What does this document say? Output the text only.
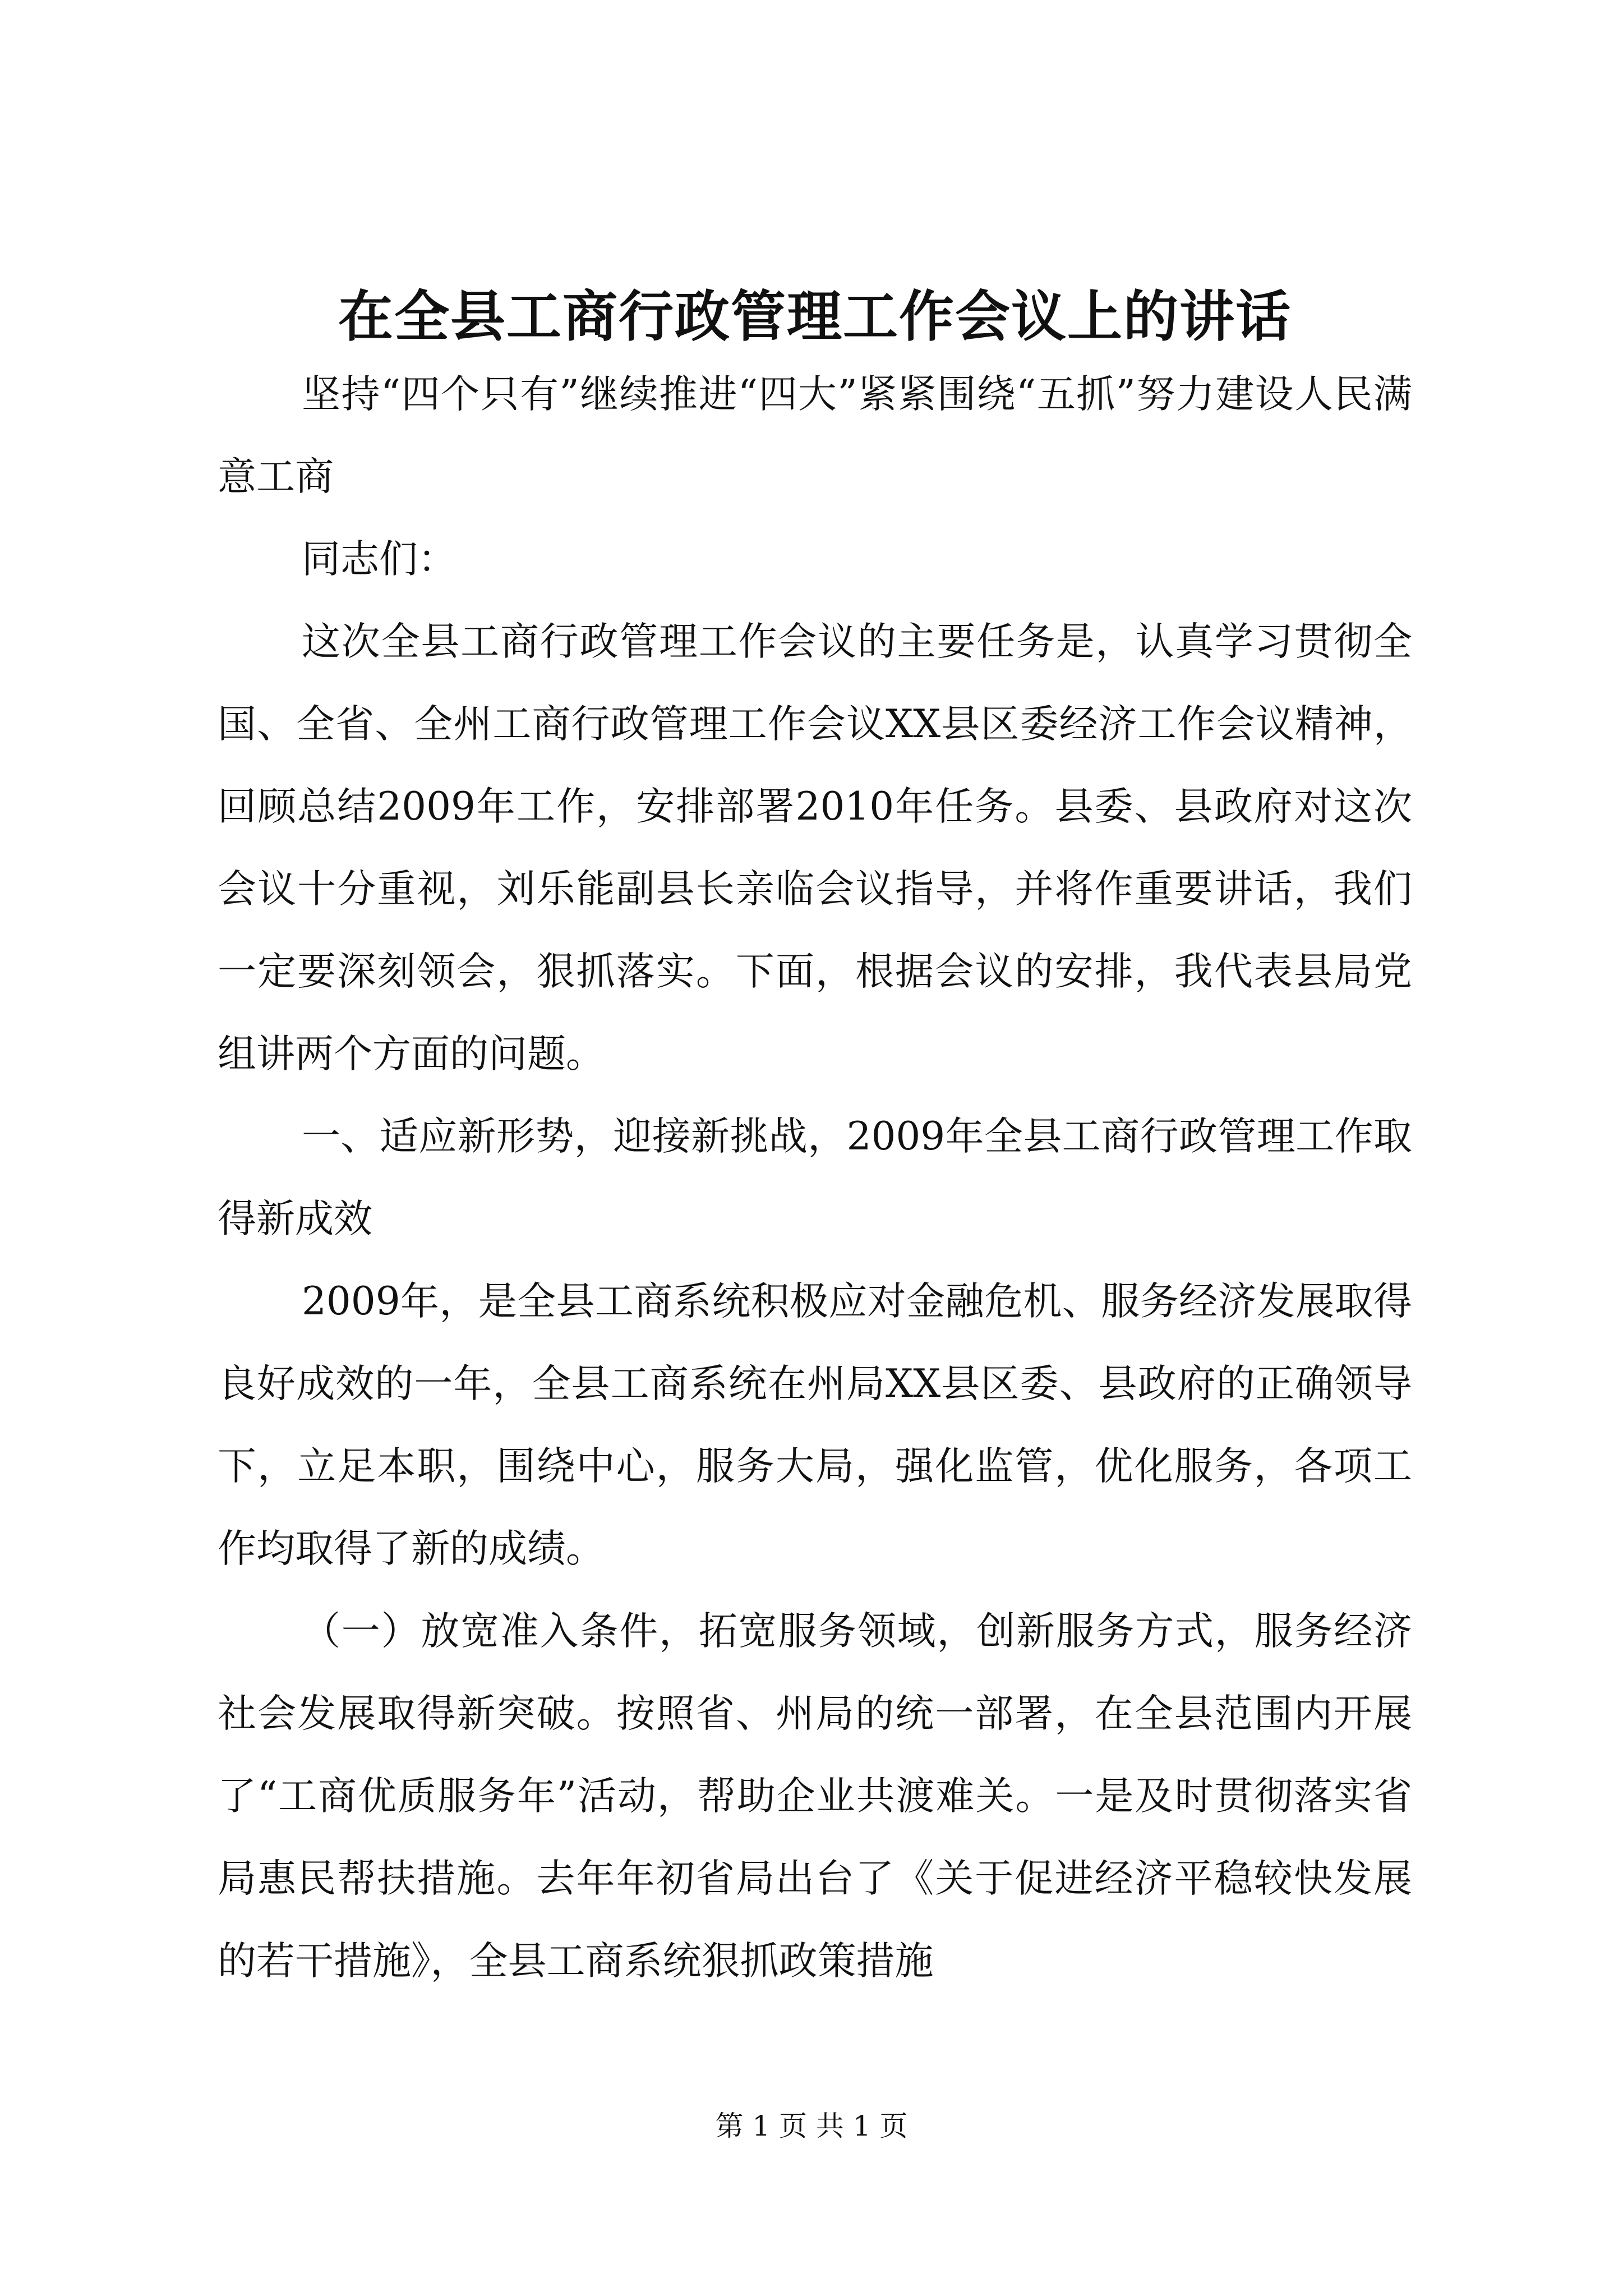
在全县工商行政管理工作会议上的讲话

坚持“四个只有”继续推进“四大”紧紧围绕“五抓”努力建设人民满意工商

同志们：

这次全县工商行政管理工作会议的主要任务是，认真学习贯彻全国、全省、全州工商行政管理工作会议XX县区委经济工作会议精神，回顾总结2009年工作，安排部署2010年任务。县委、县政府对这次会议十分重视，刘乐能副县长亲临会议指导，并将作重要讲话，我们一定要深刻领会，狠抓落实。下面，根据会议的安排，我代表县局党组讲两个方面的问题。

一、适应新形势，迎接新挑战，2009年全县工商行政管理工作取得新成效

2009年，是全县工商系统积极应对金融危机、服务经济发展取得良好成效的一年，全县工商系统在州局XX县区委、县政府的正确领导下，立足本职，围绕中心，服务大局，强化监管，优化服务，各项工作均取得了新的成绩。

（一）放宽准入条件，拓宽服务领域，创新服务方式，服务经济社会发展取得新突破。按照省、州局的统一部署，在全县范围内开展了“工商优质服务年”活动，帮助企业共渡难关。一是及时贯彻落实省局惠民帮扶措施。去年年初省局出台了《关于促进经济平稳较快发展的若干措施》，全县工商系统狠抓政策措施

第 1 页 共 1 页
